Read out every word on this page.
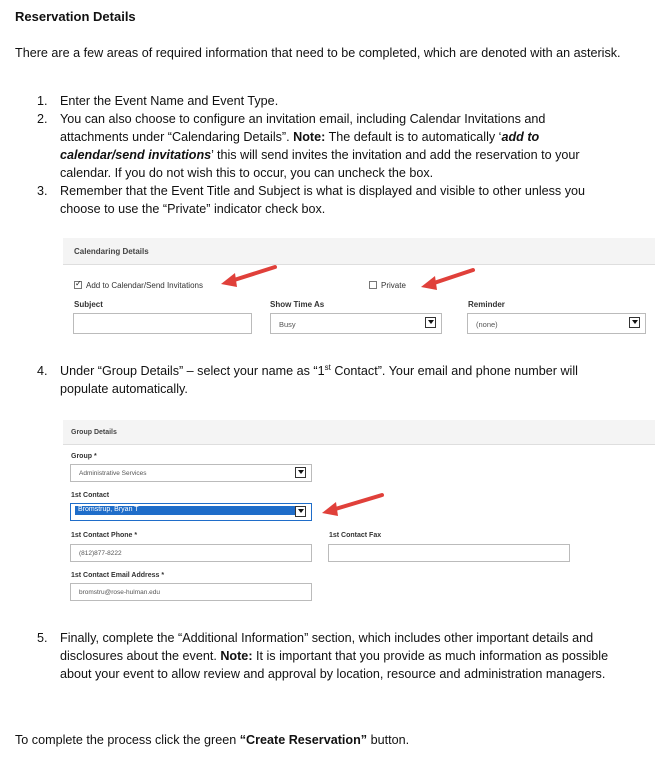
Reservation Details
There are a few areas of required information that need to be completed, which are denoted with an asterisk.
1. Enter the Event Name and Event Type.
2. You can also choose to configure an invitation email, including Calendar Invitations and attachments under “Calendaring Details”. Note: The default is to automatically ‘add to calendar/send invitations’ this will send invites the invitation and add the reservation to your calendar. If you do not wish this to occur, you can uncheck the box.
3. Remember that the Event Title and Subject is what is displayed and visible to other unless you choose to use the “Private” indicator check box.
4. Under “Group Details” – select your name as “1st Contact”. Your email and phone number will populate automatically.
5. Finally, complete the “Additional Information” section, which includes other important details and disclosures about the event. Note: It is important that you provide as much information as possible about your event to allow review and approval by location, resource and administration managers.
Calendaring Details
✓
Add to Calendar/Send Invitations	Private
Subject	Show Time As
Busy
Reminder
(none)
Group Details
Group *
Administrative Services
1st Contact
Bromstrup, Bryan T
1st Contact Phone *
(812)877-8222
1st Contact Fax
1st Contact Email Address *
bromstru@rose-hulman.edu
To complete the process click the green “Create Reservation” button.
